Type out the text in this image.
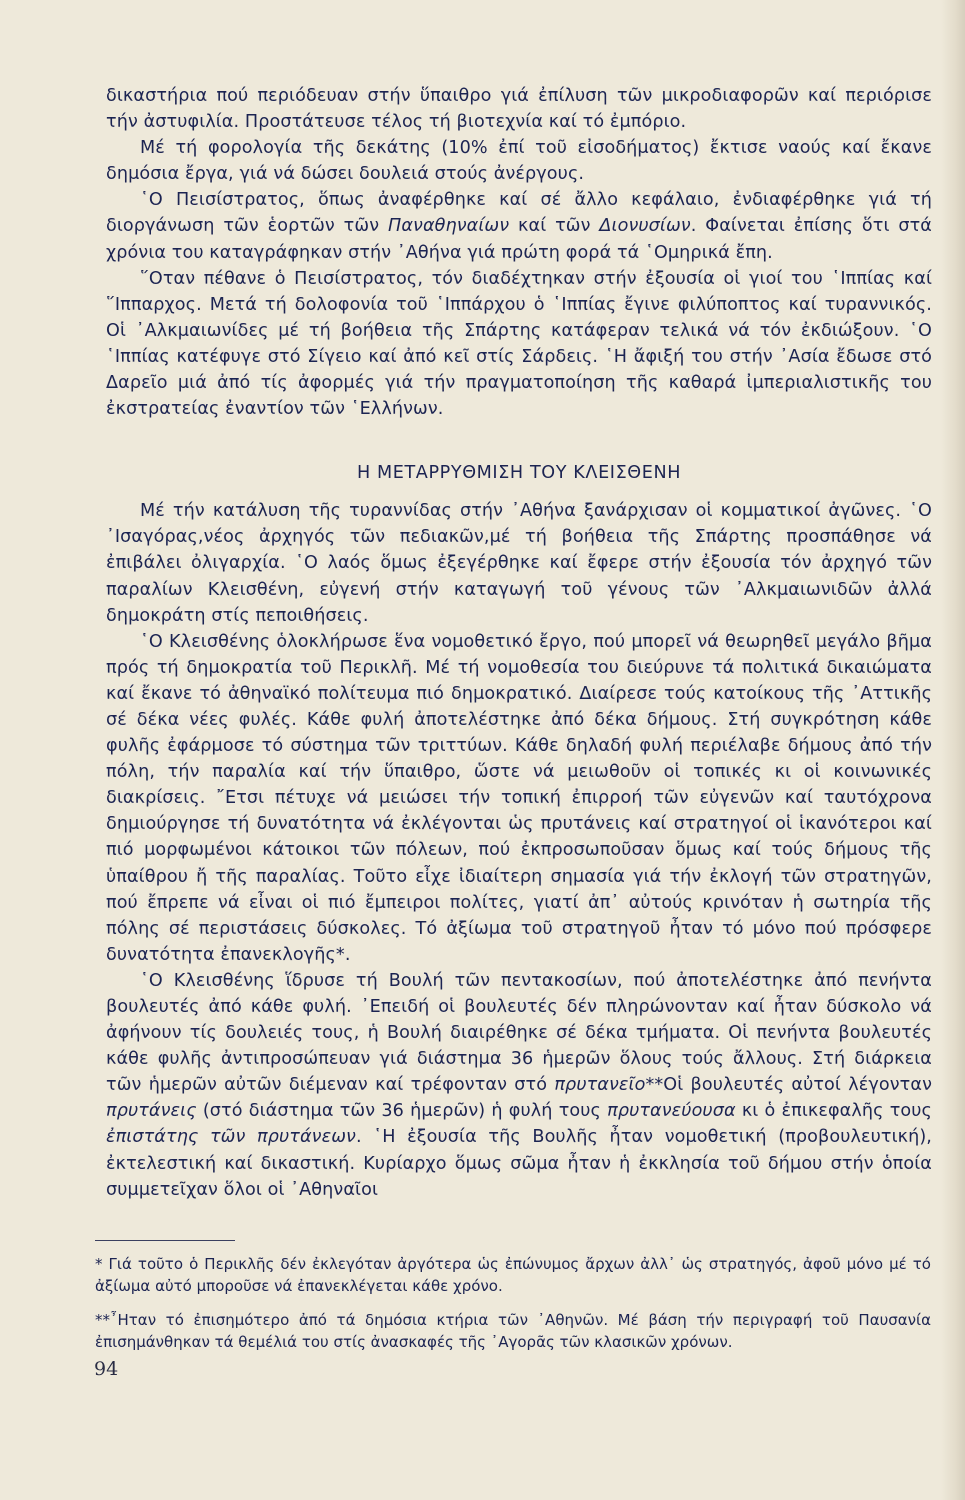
δικαστήρια πού περιόδευαν στήν ὕπαιθρο γιά ἐπίλυση τῶν μικροδιαφορῶν καί περιόρισε τήν ἀστυφιλία. Προστάτευσε τέλος τή βιοτεχνία καί τό ἐμπόριο.

Μέ τή φορολογία τῆς δεκάτης (10% ἐπί τοῦ εἰσοδήματος) ἔκτισε ναούς καί ἔκανε δημόσια ἔργα, γιά νά δώσει δουλειά στούς ἀνέργους.

῾Ο Πεισίστρατος, ὅπως ἀναφέρθηκε καί σέ ἄλλο κεφάλαιο, ἐνδιαφέρθηκε γιά τή διοργάνωση τῶν ἑορτῶν τῶν Παναθηναίων καί τῶν Διονυσίων. Φαίνεται ἐπίσης ὅτι στά χρόνια του καταγράφηκαν στήν ᾿Αθήνα γιά πρώτη φορά τά ῾Ομηρικά ἔπη.

῞Οταν πέθανε ὁ Πεισίστρατος, τόν διαδέχτηκαν στήν ἐξουσία οἱ γιοί του ῾Ιππίας καί ῞Ιππαρχος. Μετά τή δολοφονία τοῦ ῾Ιππάρχου ὁ ῾Ιππίας ἔγινε φιλύποπτος καί τυραννικός. Οἱ ᾿Αλκμαιωνίδες μέ τή βοήθεια τῆς Σπάρτης κατάφεραν τελικά νά τόν ἐκδιώξουν. ῾Ο ῾Ιππίας κατέφυγε στό Σίγειο καί ἀπό κεῖ στίς Σάρδεις. ῾Η ἄφιξή του στήν ᾿Ασία ἔδωσε στό Δαρεῖο μιά ἀπό τίς ἀφορμές γιά τήν πραγματοποίηση τῆς καθαρά ἰμπεριαλιστικῆς του ἐκστρατείας ἐναντίον τῶν ῾Ελλήνων.

Η ΜΕΤΑΡΡΥΘΜΙΣΗ ΤΟΥ ΚΛΕΙΣΘΕΝΗ

Μέ τήν κατάλυση τῆς τυραννίδας στήν ᾿Αθήνα ξανάρχισαν οἱ κομματικοί ἀγῶνες. ῾Ο ᾿Ισαγόρας,νέος ἀρχηγός τῶν πεδιακῶν,μέ τή βοήθεια τῆς Σπάρτης προσπάθησε νά ἐπιβάλει ὀλιγαρχία. ῾Ο λαός ὅμως ἐξεγέρθηκε καί ἔφερε στήν ἐξουσία τόν ἀρχηγό τῶν παραλίων Κλεισθένη, εὐγενή στήν καταγωγή τοῦ γένους τῶν ᾿Αλκμαιωνιδῶν ἀλλά δημοκράτη στίς πεποιθήσεις.

῾Ο Κλεισθένης ὁλοκλήρωσε ἕνα νομοθετικό ἔργο, πού μπορεῖ νά θεωρηθεῖ μεγάλο βῆμα πρός τή δημοκρατία τοῦ Περικλῆ. Μέ τή νομοθεσία του διεύρυνε τά πολιτικά δικαιώματα καί ἔκανε τό ἀθηναϊκό πολίτευμα πιό δημοκρατικό. Διαίρεσε τούς κατοίκους τῆς ᾿Αττικῆς σέ δέκα νέες φυλές. Κάθε φυλή ἀποτελέστηκε ἀπό δέκα δήμους. Στή συγκρότηση κάθε φυλῆς ἐφάρμοσε τό σύστημα τῶν τριττύων. Κάθε δηλαδή φυλή περιέλαβε δήμους ἀπό τήν πόλη, τήν παραλία καί τήν ὕπαιθρο, ὥστε νά μειωθοῦν οἱ τοπικές κι οἱ κοινωνικές διακρίσεις. ῎Ετσι πέτυχε νά μειώσει τήν τοπική ἐπιρροή τῶν εὐγενῶν καί ταυτόχρονα δημιούργησε τή δυνατότητα νά ἐκλέγονται ὡς πρυτάνεις καί στρατηγοί οἱ ἱκανότεροι καί πιό μορφωμένοι κάτοικοι τῶν πόλεων, πού ἐκπροσωποῦσαν ὅμως καί τούς δήμους τῆς ὑπαίθρου ἤ τῆς παραλίας. Τοῦτο εἶχε ἰδιαίτερη σημασία γιά τήν ἐκλογή τῶν στρατηγῶν, πού ἔπρεπε νά εἶναι οἱ πιό ἔμπειροι πολίτες, γιατί ἀπ᾿ αὐτούς κρινόταν ἡ σωτηρία τῆς πόλης σέ περιστάσεις δύσκολες. Τό ἀξίωμα τοῦ στρατηγοῦ ἦταν τό μόνο πού πρόσφερε δυνατότητα ἐπανεκλογῆς*.

῾Ο Κλεισθένης ἵδρυσε τή Βουλή τῶν πεντακοσίων, πού ἀποτελέστηκε ἀπό πενήντα βουλευτές ἀπό κάθε φυλή. ᾿Επειδή οἱ βουλευτές δέν πληρώνονταν καί ἦταν δύσκολο νά ἀφήνουν τίς δουλειές τους, ἡ Βουλή διαιρέθηκε σέ δέκα τμήματα. Οἱ πενήντα βουλευτές κάθε φυλῆς ἀντιπροσώπευαν γιά διάστημα 36 ἡμερῶν ὅλους τούς ἄλλους. Στή διάρκεια τῶν ἡμερῶν αὐτῶν διέμεναν καί τρέφονταν στό πρυτανεῖο**Οἱ βουλευτές αὐτοί λέγονταν πρυτάνεις (στό διάστημα τῶν 36 ἡμερῶν) ἡ φυλή τους πρυτανεύουσα κι ὁ ἐπικεφαλῆς τους ἐπιστάτης τῶν πρυτάνεων. ῾Η ἐξουσία τῆς Βουλῆς ἦταν νομοθετική (προβουλευτική), ἐκτελεστική καί δικαστική. Κυρίαρχο ὅμως σῶμα ἦταν ἡ ἐκκλησία τοῦ δήμου στήν ὁποία συμμετεῖχαν ὅλοι οἱ ᾿Αθηναῖοι

* Γιά τοῦτο ὁ Περικλῆς δέν ἐκλεγόταν ἀργότερα ὡς ἐπώνυμος ἄρχων ἀλλ᾿ ὡς στρατηγός, ἀφοῦ μόνο μέ τό ἀξίωμα αὐτό μποροῦσε νά ἐπανεκλέγεται κάθε χρόνο.

**῏Ηταν τό ἐπισημότερο ἀπό τά δημόσια κτήρια τῶν ᾿Αθηνῶν. Μέ βάση τήν περιγραφή τοῦ Παυσανία ἐπισημάνθηκαν τά θεμέλιά του στίς ἀνασκαφές τῆς ᾿Αγορᾶς τῶν κλασικῶν χρόνων.

94
